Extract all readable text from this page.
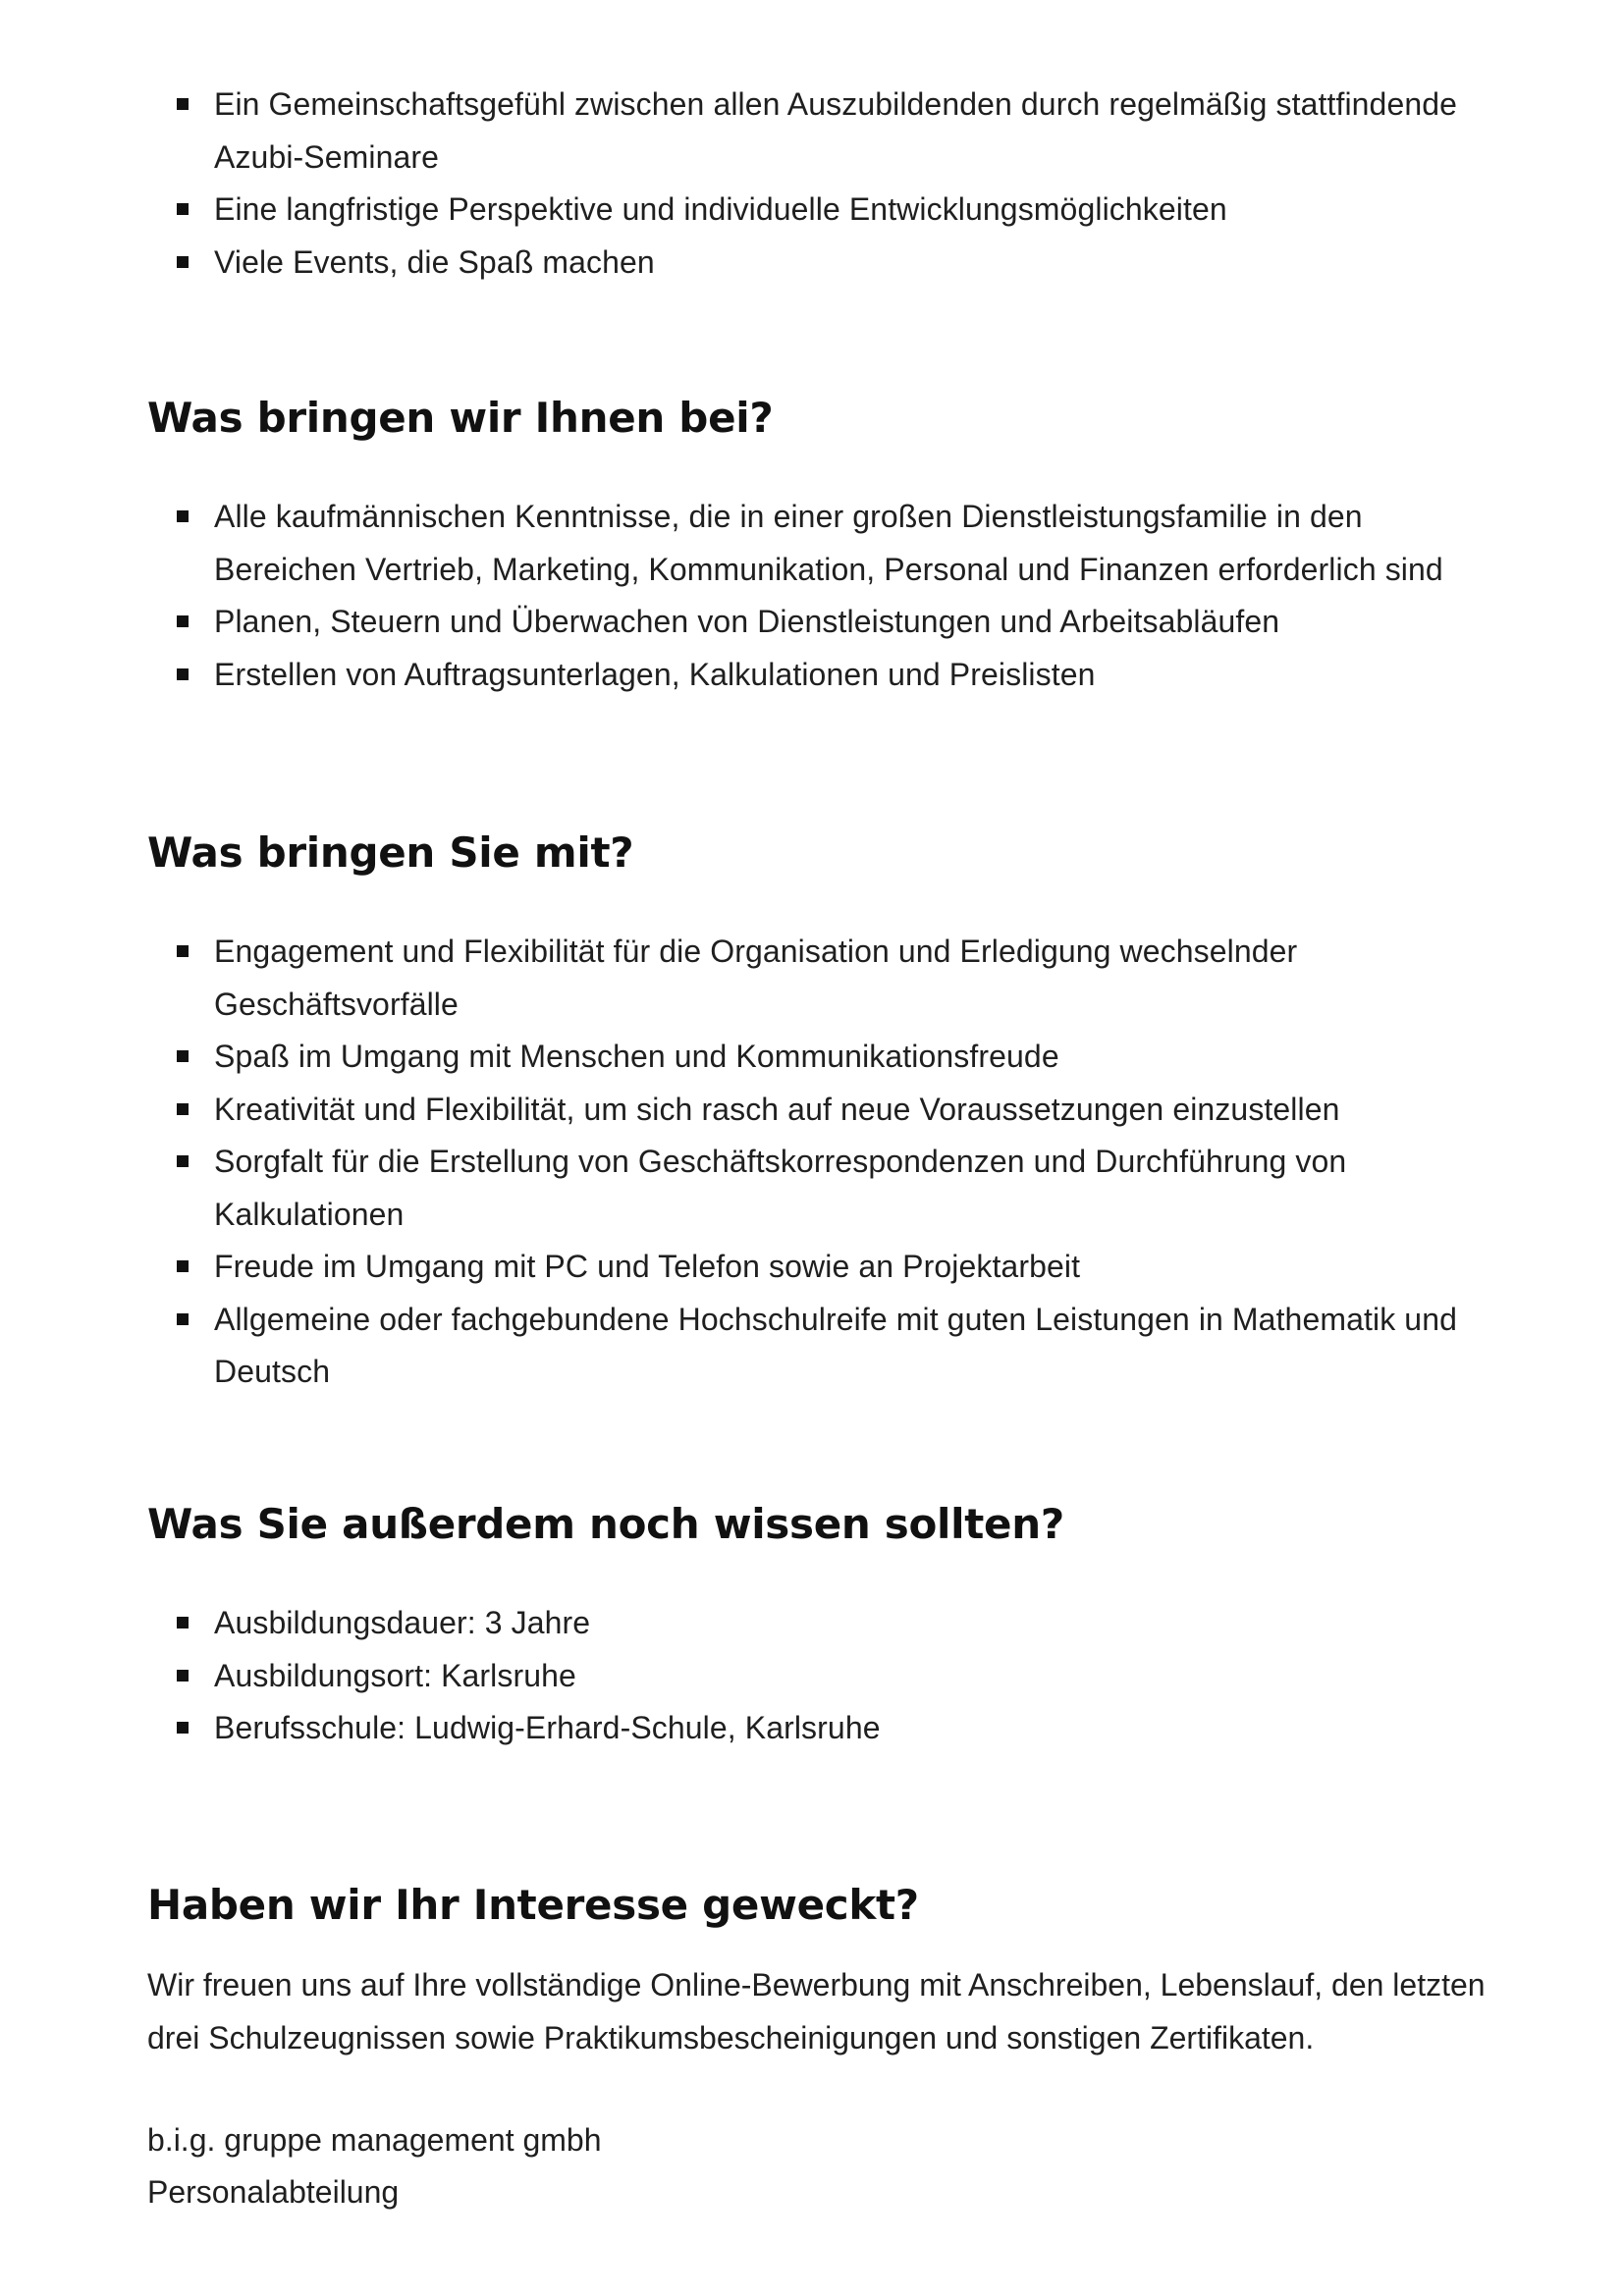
Ein Gemeinschaftsgefühl zwischen allen Auszubildenden durch regelmäßig stattfindende Azubi-Seminare
Eine langfristige Perspektive und individuelle Entwicklungsmöglichkeiten
Viele Events, die Spaß machen
Was bringen wir Ihnen bei?
Alle kaufmännischen Kenntnisse, die in einer großen Dienstleistungsfamilie in den Bereichen Vertrieb, Marketing, Kommunikation, Personal und Finanzen erforderlich sind
Planen, Steuern und Überwachen von Dienstleistungen und Arbeitsabläufen
Erstellen von Auftragsunterlagen, Kalkulationen und Preislisten
Was bringen Sie mit?
Engagement und Flexibilität für die Organisation und Erledigung wechselnder Geschäftsvorfälle
Spaß im Umgang mit Menschen und Kommunikationsfreude
Kreativität und Flexibilität, um sich rasch auf neue Voraussetzungen einzustellen
Sorgfalt für die Erstellung von Geschäftskorrespondenzen und Durchführung von Kalkulationen
Freude im Umgang mit PC und Telefon sowie an Projektarbeit
Allgemeine oder fachgebundene Hochschulreife mit guten Leistungen in Mathematik und Deutsch
Was Sie außerdem noch wissen sollten?
Ausbildungsdauer: 3 Jahre
Ausbildungsort: Karlsruhe
Berufsschule: Ludwig-Erhard-Schule, Karlsruhe
Haben wir Ihr Interesse geweckt?

Wir freuen uns auf Ihre vollständige Online-Bewerbung mit Anschreiben, Lebenslauf, den letzten drei Schulzeugnissen sowie Praktikumsbescheinigungen und sonstigen Zertifikaten.

b.i.g. gruppe management gmbh

Personalabteilung
